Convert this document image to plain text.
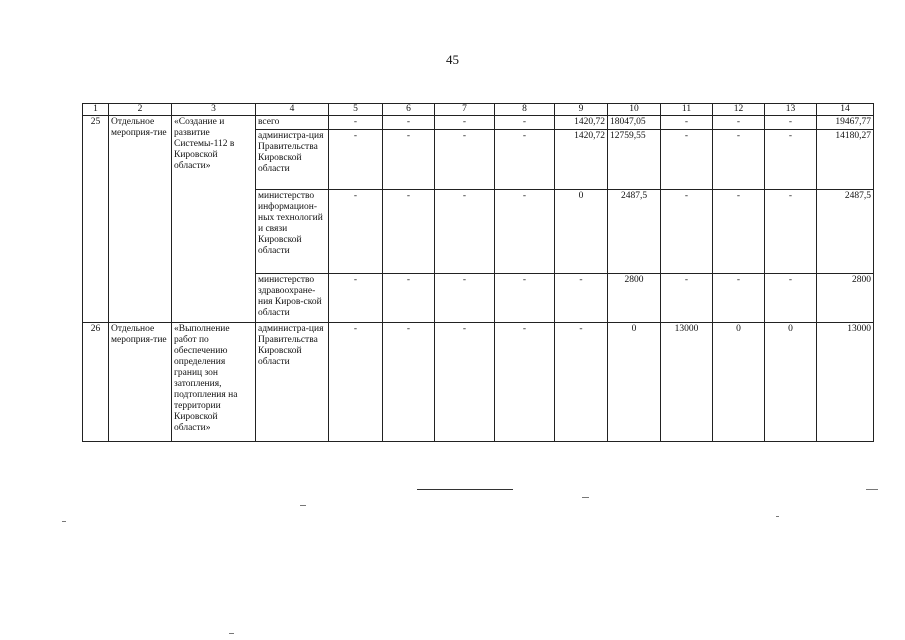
45
1	2	3	4	5	6	7	8	9	10	11	12	13	14
25	Отдельное мероприя-тие	«Создание и развитие Системы-112 в Кировской области»	всего	-	-	-	-	1420,72	18047,05	-	-	-	19467,77
			администра-ция Правительства Кировской области	-	-	-	-	1420,72	12759,55	-	-	-	14180,27
			министерство информацион-ных технологий и связи Кировской области	-	-	-	-	0	2487,5	-	-	-	2487,5
			министерство здравоохране-ния Киров-ской области	-	-	-	-	-	2800	-	-	-	2800
26	Отдельное мероприя-тие	«Выполнение работ по обеспечению определения границ зон затопления, подтопления на территории Кировской области»	администра-ция Правительства Кировской области	-	-	-	-	-	0	13000	0	0	13000
